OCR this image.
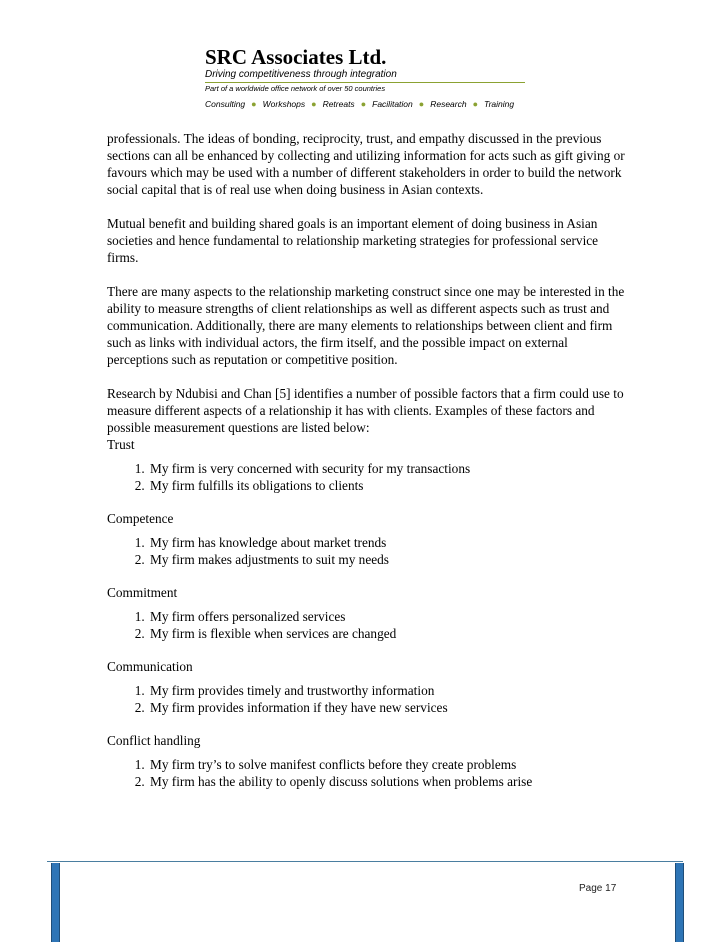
SRC Associates Ltd.
Driving competitiveness through integration
Part of a worldwide office network of over 50 countries
Consulting ● Workshops ● Retreats ● Facilitation ● Research ● Training

professionals. The ideas of bonding, reciprocity, trust, and empathy discussed in the previous sections can all be enhanced by collecting and utilizing information for acts such as gift giving or favours which may be used with a number of different stakeholders in order to build the network social capital that is of real use when doing business in Asian contexts.

Mutual benefit and building shared goals is an important element of doing business in Asian societies and hence fundamental to relationship marketing strategies for professional service firms.

There are many aspects to the relationship marketing construct since one may be interested in the ability to measure strengths of client relationships as well as different aspects such as trust and communication. Additionally, there are many elements to relationships between client and firm such as links with individual actors, the firm itself, and the possible impact on external perceptions such as reputation or competitive position.

Research by Ndubisi and Chan [5] identifies a number of possible factors that a firm could use to measure different aspects of a relationship it has with clients. Examples of these factors and possible measurement questions are listed below:

Trust
1. My firm is very concerned with security for my transactions
2. My firm fulfills its obligations to clients
Competence
1. My firm has knowledge about market trends
2. My firm makes adjustments to suit my needs
Commitment
1. My firm offers personalized services
2. My firm is flexible when services are changed
Communication
1. My firm provides timely and trustworthy information
2. My firm provides information if they have new services
Conflict handling
1. My firm try’s to solve manifest conflicts before they create problems
2. My firm has the ability to openly discuss solutions when problems arise
Page 17
